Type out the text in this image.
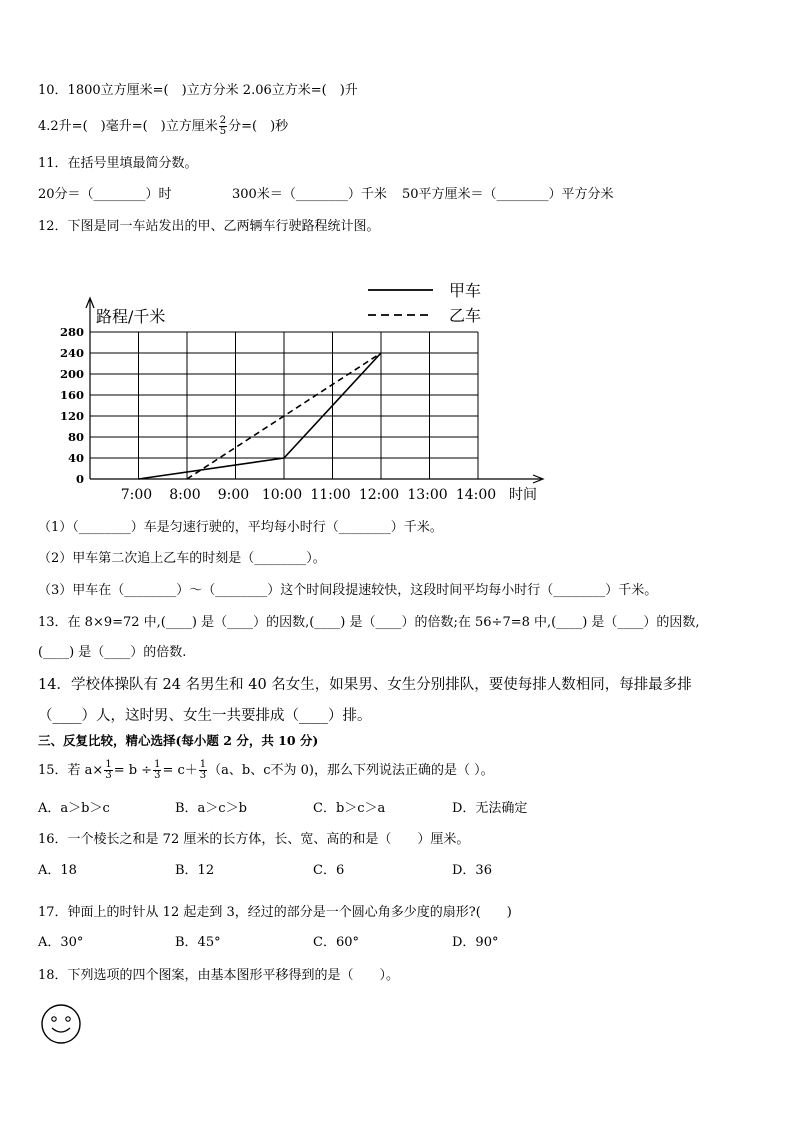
10．1800立方厘米=(　)立方分米 2.06立方米=(　)升
4.2升=(　)毫升=(　)立方厘米 $\frac{2}{5}$ 分=(　)秒
11．在括号里填最简分数。
20分＝（________）时	300米＝（________）千米 50平方厘米＝（________）平方分米
12．下图是同一车站发出的甲、乙两辆车行驶路程统计图。
0
40
80
120
160
200
240
280
7:00 8:00 9:00 10:00 11:00 12:00 13:00 14:00
甲车
乙车
路程/千米
时间
（1）（________）车是匀速行驶的，平均每小时行（________）千米。
（2）甲车第二次追上乙车的时刻是（________）。
（3）甲车在（________）～（________）这个时间段提速较快，这段时间平均每小时行（________）千米。
13．在 8×9=72 中,(____) 是（____）的因数,(____) 是（____）的倍数;在 56÷7=8 中,(____) 是（____）的因数,
(____) 是（____）的倍数.
14．学校体操队有 24 名男生和 40 名女生，如果男、女生分别排队，要使每排人数相同，每排最多排
（____）人，这时男、女生一共要排成（____）排。
三、反复比较，精心选择(每小题 2 分，共 10 分)
15．若 $a\times \frac{1}{3} = b \div \frac{1}{3} = c+ \frac{1}{3} (a$、b、c不为 0)，那么下列说法正确的是（ ）。
A．a＞b＞c	B．a＞c＞b	C．b＞c＞a	D．无法确定
16．一个棱长之和是 72 厘米的长方体，长、宽、高的和是（　　）厘米。
A．18	B．12	C．6	D．36
17．钟面上的时针从 12 起走到 3，经过的部分是一个圆心角多少度的扇形?(　　)
A．30°	B．45°	C．60°	D．90°
18．下列选项的四个图案，由基本图形平移得到的是（　　）。
